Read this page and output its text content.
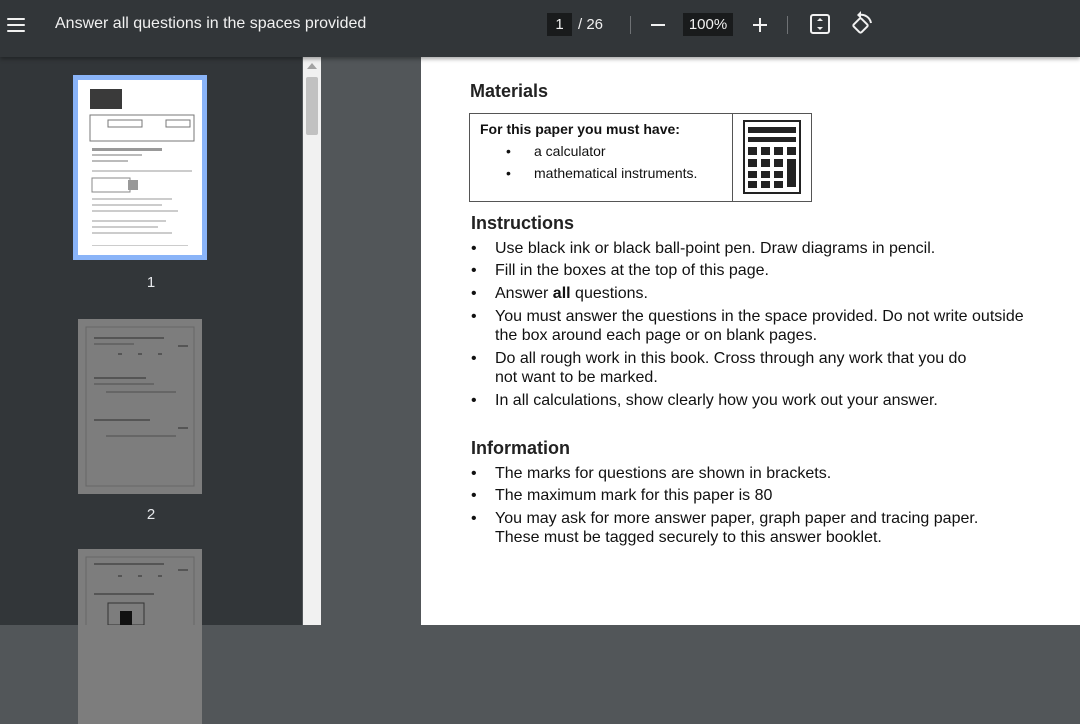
Answer all questions in the spaces provided
1	/ 26
100%
1
2
Materials
For this paper you must have:
• a calculator
• mathematical instruments.
Instructions
• Use black ink or black ball-point pen. Draw diagrams in pencil.
• Fill in the boxes at the top of this page.
• Answer all questions.
• You must answer the questions in the space provided. Do not write outside
the box around each page or on blank pages.
• Do all rough work in this book. Cross through any work that you do
not want to be marked.
• In all calculations, show clearly how you work out your answer.
Information
• The marks for questions are shown in brackets.
• The maximum mark for this paper is 80
• You may ask for more answer paper, graph paper and tracing paper.
These must be tagged securely to this answer booklet.
